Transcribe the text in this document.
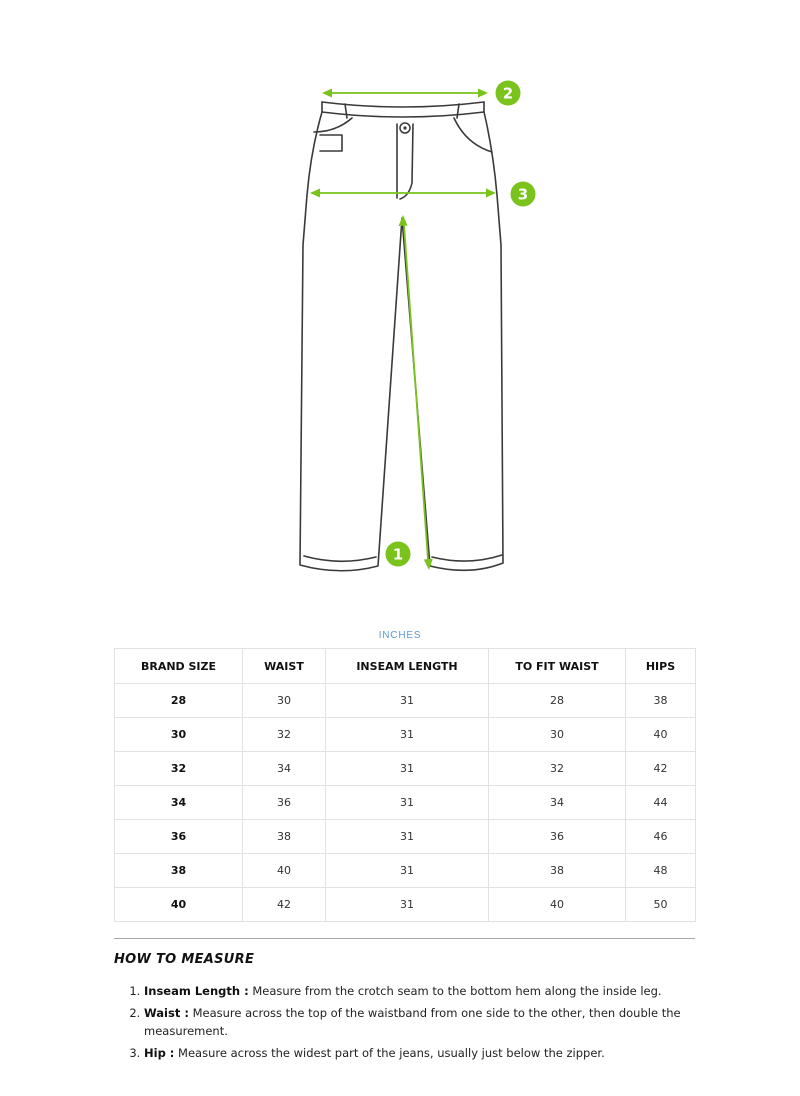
2
3
1
INCHES
BRAND SIZE	WAIST	INSEAM LENGTH	TO FIT WAIST	HIPS
28	30	31	28	38
30	32	31	30	40
32	34	31	32	42
34	36	31	34	44
36	38	31	36	46
38	40	31	38	48
40	42	31	40	50
HOW TO MEASURE
1. Inseam Length : Measure from the crotch seam to the bottom hem along the inside leg.
2. Waist : Measure across the top of the waistband from one side to the other, then double the measurement.
3. Hip : Measure across the widest part of the jeans, usually just below the zipper.
